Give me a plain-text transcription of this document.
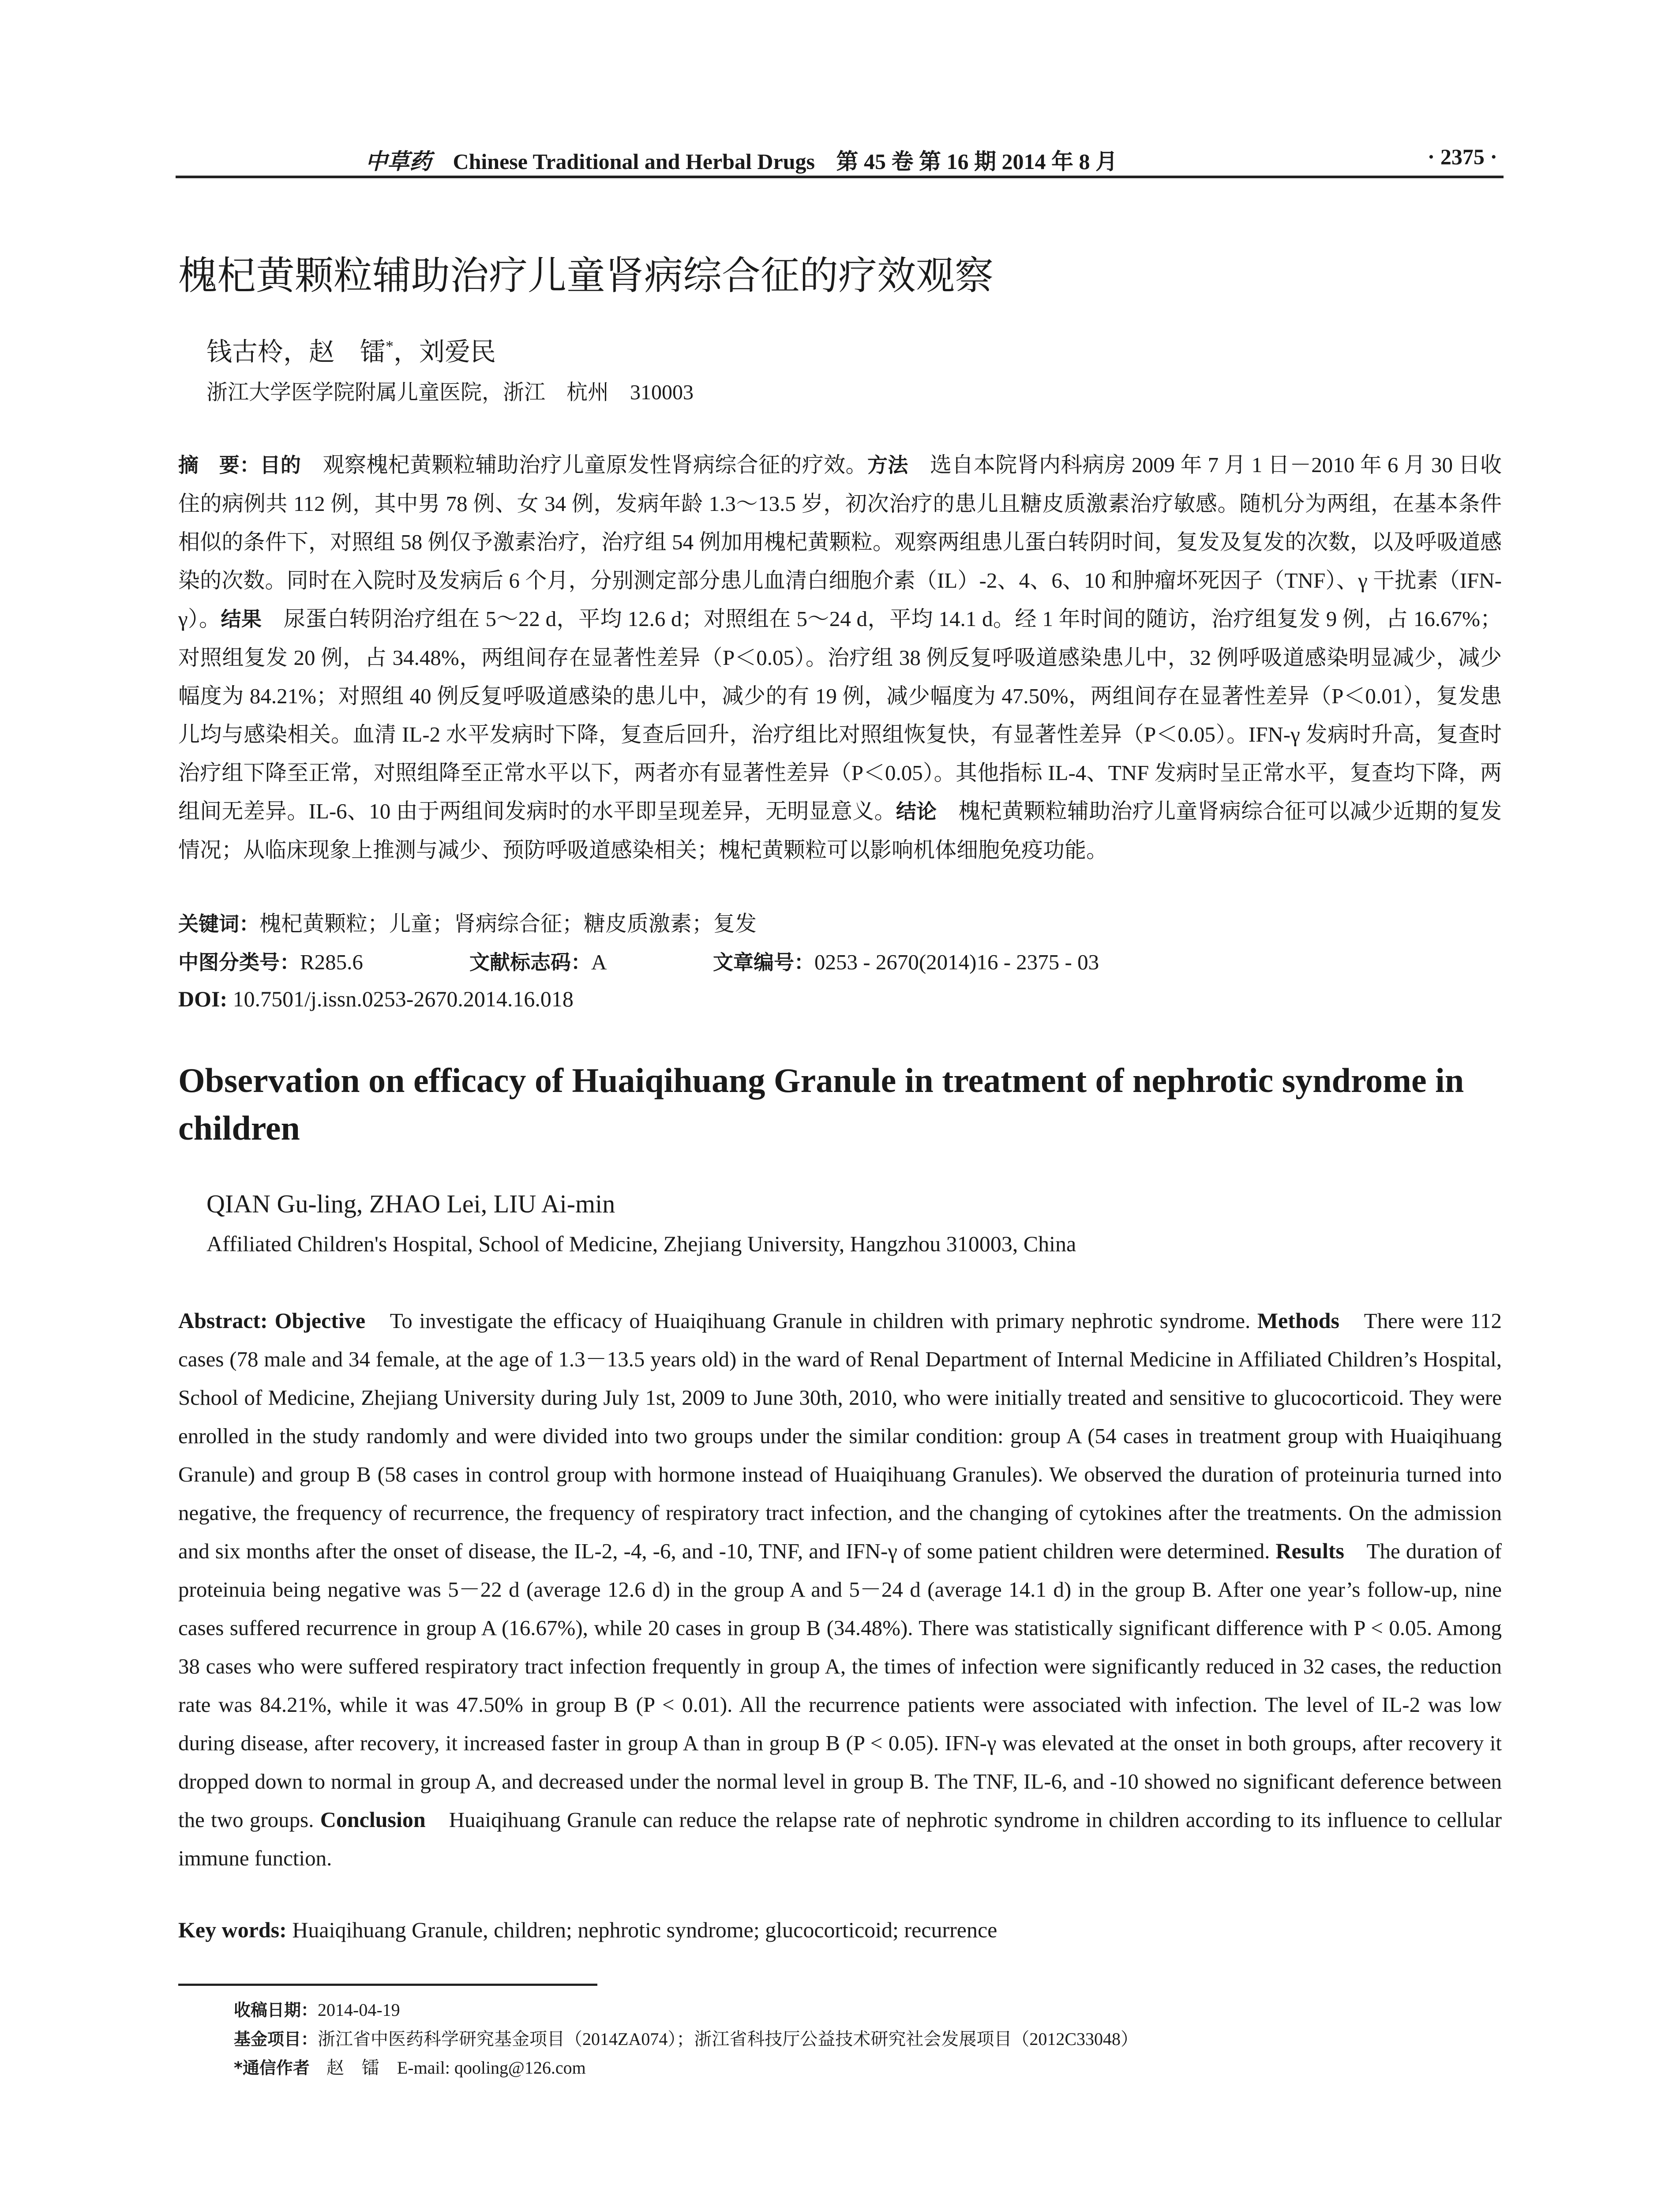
中草药 Chinese Traditional and Herbal Drugs 第 45 卷 第 16 期 2014 年 8 月	· 2375 ·
槐杞黄颗粒辅助治疗儿童肾病综合征的疗效观察
钱古柃，赵　镭*，刘爱民
浙江大学医学院附属儿童医院，浙江　杭州　310003
摘　要：目的　观察槐杞黄颗粒辅助治疗儿童原发性肾病综合征的疗效。方法　选自本院肾内科病房 2009 年 7 月 1 日－2010 年 6 月 30 日收住的病例共 112 例，其中男 78 例、女 34 例，发病年龄 1.3～13.5 岁，初次治疗的患儿且糖皮质激素治疗敏感。随机分为两组，在基本条件相似的条件下，对照组 58 例仅予激素治疗，治疗组 54 例加用槐杞黄颗粒。观察两组患儿蛋白转阴时间，复发及复发的次数，以及呼吸道感染的次数。同时在入院时及发病后 6 个月，分别测定部分患儿血清白细胞介素（IL）-2、4、6、10 和肿瘤坏死因子（TNF）、γ 干扰素（IFN-γ）。结果　尿蛋白转阴治疗组在 5～22 d，平均 12.6 d；对照组在 5～24 d，平均 14.1 d。经 1 年时间的随访，治疗组复发 9 例，占 16.67%；对照组复发 20 例，占 34.48%，两组间存在显著性差异（P＜0.05）。治疗组 38 例反复呼吸道感染患儿中，32 例呼吸道感染明显减少，减少幅度为 84.21%；对照组 40 例反复呼吸道感染的患儿中，减少的有 19 例，减少幅度为 47.50%，两组间存在显著性差异（P＜0.01），复发患儿均与感染相关。血清 IL-2 水平发病时下降，复查后回升，治疗组比对照组恢复快，有显著性差异（P＜0.05）。IFN-γ 发病时升高，复查时治疗组下降至正常，对照组降至正常水平以下，两者亦有显著性差异（P＜0.05）。其他指标 IL-4、TNF 发病时呈正常水平，复查均下降，两组间无差异。IL-6、10 由于两组间发病时的水平即呈现差异，无明显意义。结论　槐杞黄颗粒辅助治疗儿童肾病综合征可以减少近期的复发情况；从临床现象上推测与减少、预防呼吸道感染相关；槐杞黄颗粒可以影响机体细胞免疫功能。
关键词：槐杞黄颗粒；儿童；肾病综合征；糖皮质激素；复发
中图分类号：R285.6	文献标志码：A	文章编号：0253 - 2670(2014)16 - 2375 - 03
DOI: 10.7501/j.issn.0253-2670.2014.16.018
Observation on efficacy of Huaiqihuang Granule in treatment of nephrotic syndrome in children
QIAN Gu-ling, ZHAO Lei, LIU Ai-min
Affiliated Children's Hospital, School of Medicine, Zhejiang University, Hangzhou 310003, China
Abstract: Objective　To investigate the efficacy of Huaiqihuang Granule in children with primary nephrotic syndrome. Methods　There were 112 cases (78 male and 34 female, at the age of 1.3－13.5 years old) in the ward of Renal Department of Internal Medicine in Affiliated Children’s Hospital, School of Medicine, Zhejiang University during July 1st, 2009 to June 30th, 2010, who were initially treated and sensitive to glucocorticoid. They were enrolled in the study randomly and were divided into two groups under the similar condition: group A (54 cases in treatment group with Huaiqihuang Granule) and group B (58 cases in control group with hormone instead of Huaiqihuang Granules). We observed the duration of proteinuria turned into negative, the frequency of recurrence, the frequency of respiratory tract infection, and the changing of cytokines after the treatments. On the admission and six months after the onset of disease, the IL-2, -4, -6, and -10, TNF, and IFN-γ of some patient children were determined. Results　The duration of proteinuia being negative was 5－22 d (average 12.6 d) in the group A and 5－24 d (average 14.1 d) in the group B. After one year’s follow-up, nine cases suffered recurrence in group A (16.67%), while 20 cases in group B (34.48%). There was statistically significant difference with P < 0.05. Among 38 cases who were suffered respiratory tract infection frequently in group A, the times of infection were significantly reduced in 32 cases, the reduction rate was 84.21%, while it was 47.50% in group B (P < 0.01). All the recurrence patients were associated with infection. The level of IL-2 was low during disease, after recovery, it increased faster in group A than in group B (P < 0.05). IFN-γ was elevated at the onset in both groups, after recovery it dropped down to normal in group A, and decreased under the normal level in group B. The TNF, IL-6, and -10 showed no significant deference between the two groups. Conclusion　Huaiqihuang Granule can reduce the relapse rate of nephrotic syndrome in children according to its influence to cellular immune function.
Key words: Huaiqihuang Granule, children; nephrotic syndrome; glucocorticoid; recurrence
收稿日期：2014-04-19
基金项目：浙江省中医药科学研究基金项目（2014ZA074）；浙江省科技厅公益技术研究社会发展项目（2012C33048）
*通信作者　赵　镭　E-mail: qooling@126.com
